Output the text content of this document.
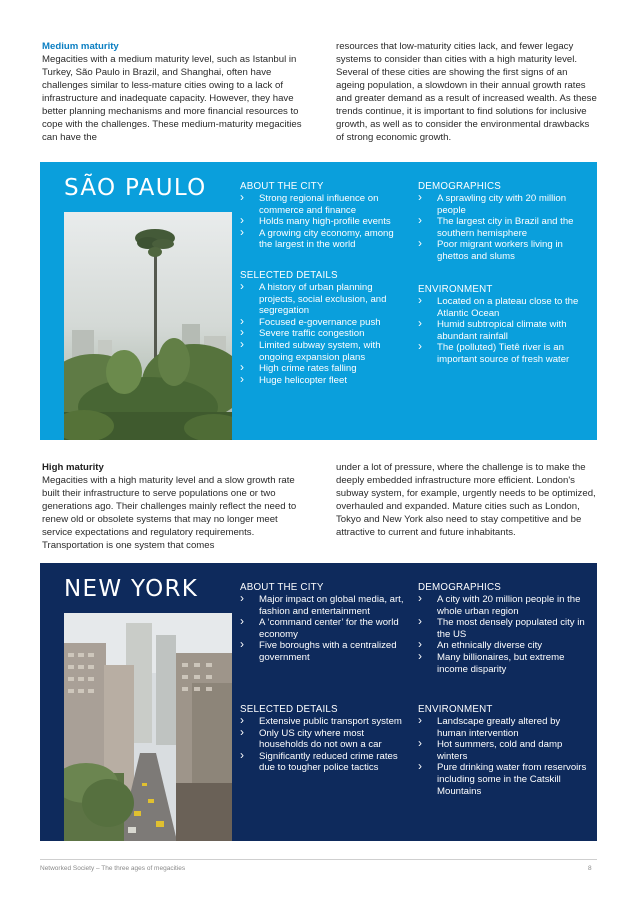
Medium maturity
Megacities with a medium maturity level, such as Istanbul in Turkey, São Paulo in Brazil, and Shanghai, often have challenges similar to less-mature cities owing to a lack of infrastructure and inadequate capacity. However, they have better planning mechanisms and more financial resources to cope with the challenges. These medium-maturity megacities can have the
resources that low-maturity cities lack, and fewer legacy systems to consider than cities with a high maturity level. Several of these cities are showing the first signs of an ageing population, a slowdown in their annual growth rates and greater demand as a result of increased wealth. As these trends continue, it is important to find solutions for inclusive growth, as well as to consider the environmental drawbacks of strong economic growth.
SÃO PAULO	ABOUT THE CITY
› Strong regional influence on commerce and finance
› Holds many high-profile events
› A growing city economy, among the largest in the world
SELECTED DETAILS
› A history of urban planning projects, social exclusion, and segregation
› Focused e-governance push
› Severe traffic congestion
› Limited subway system, with ongoing expansion plans
› High crime rates falling
› Huge helicopter fleet
DEMOGRAPHICS
› A sprawling city with 20 million people
› The largest city in Brazil and the southern hemisphere
› Poor migrant workers living in ghettos and slums
ENVIRONMENT
› Located on a plateau close to the Atlantic Ocean
› Humid subtropical climate with abundant rainfall
› The (polluted) Tietê river is an important source of fresh water
High maturity
Megacities with a high maturity level and a slow growth rate built their infrastructure to serve populations one or two generations ago. Their challenges mainly reflect the need to renew old or obsolete systems that may no longer meet service expectations and regulatory requirements. Transportation is one system that comes
under a lot of pressure, where the challenge is to make the deeply embedded infrastructure more efficient. London's subway system, for example, urgently needs to be optimized, overhauled and expanded. Mature cities such as London, Tokyo and New York also need to stay competitive and be attractive to current and future inhabitants.
NEW YORK	ABOUT THE CITY
› Major impact on global media, art, fashion and entertainment
› A ‘command center’ for the world economy
› Five boroughs with a centralized government
SELECTED DETAILS
› Extensive public transport system
› Only US city where most households do not own a car
› Significantly reduced crime rates due to tougher police tactics
DEMOGRAPHICS
› A city with 20 million people in the whole urban region
› The most densely populated city in the US
› An ethnically diverse city
› Many billionaires, but extreme income disparity
ENVIRONMENT
› Landscape greatly altered by human intervention
› Hot summers, cold and damp winters
› Pure drinking water from reservoirs including some in the Catskill Mountains
Networked Society – The three ages of megacities	8
